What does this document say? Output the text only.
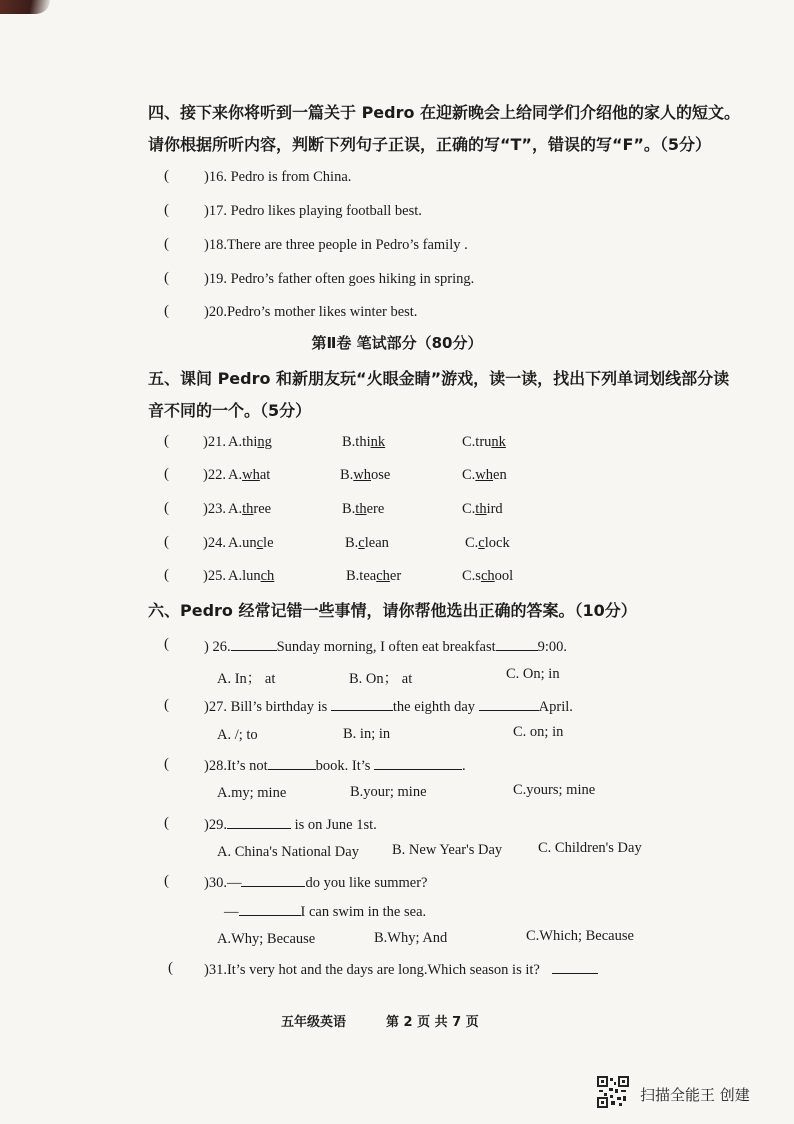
四、接下来你将听到一篇关于 Pedro 在迎新晚会上给同学们介绍他的家人的短文。
请你根据所听内容，判断下列句子正误，正确的写“T”，错误的写“F”。（5分）
( )16. Pedro is from China.
( )17. Pedro likes playing football best.
( )18.There are three people in Pedro’s family .
( )19. Pedro’s father often goes hiking in spring.
( )20.Pedro’s mother likes winter best.
第Ⅱ卷 笔试部分（80分）
五、课间 Pedro 和新朋友玩“火眼金睛”游戏，读一读，找出下列单词划线部分读
音不同的一个。（5分）
( )21. A.thing	B.think	C.trunk
( )22. A.what	B.whose	C.when
( )23. A.three	B.there	C.third
( )24. A.uncle	B.clean	C.clock
( )25. A.lunch	B.teacher	C.school
六、Pedro 经常记错一些事情，请你帮他选出正确的答案。（10分）
( ) 26.	Sunday morning, I often eat breakfast	9:00.
A. In； at	B. On； at	C. On; in
( )27. Bill’s birthday is	the eighth day	April.
A. /; to	B. in; in	C. on; in
( )28.It’s not	book. It’s	.
A.my; mine	B.your; mine	C.yours; mine
( )29.	is on June 1st.
A. China's National Day B. New Year's Day C. Children's Day
( )30.—	do you like summer?
—	I can swim in the sea.
A.Why; Because	B.Why; And	C.Which; Because
( )31.It’s very hot and the days are long.Which season is it?
五年级英语	第 2 页 共 7 页
扫描全能王 创建
